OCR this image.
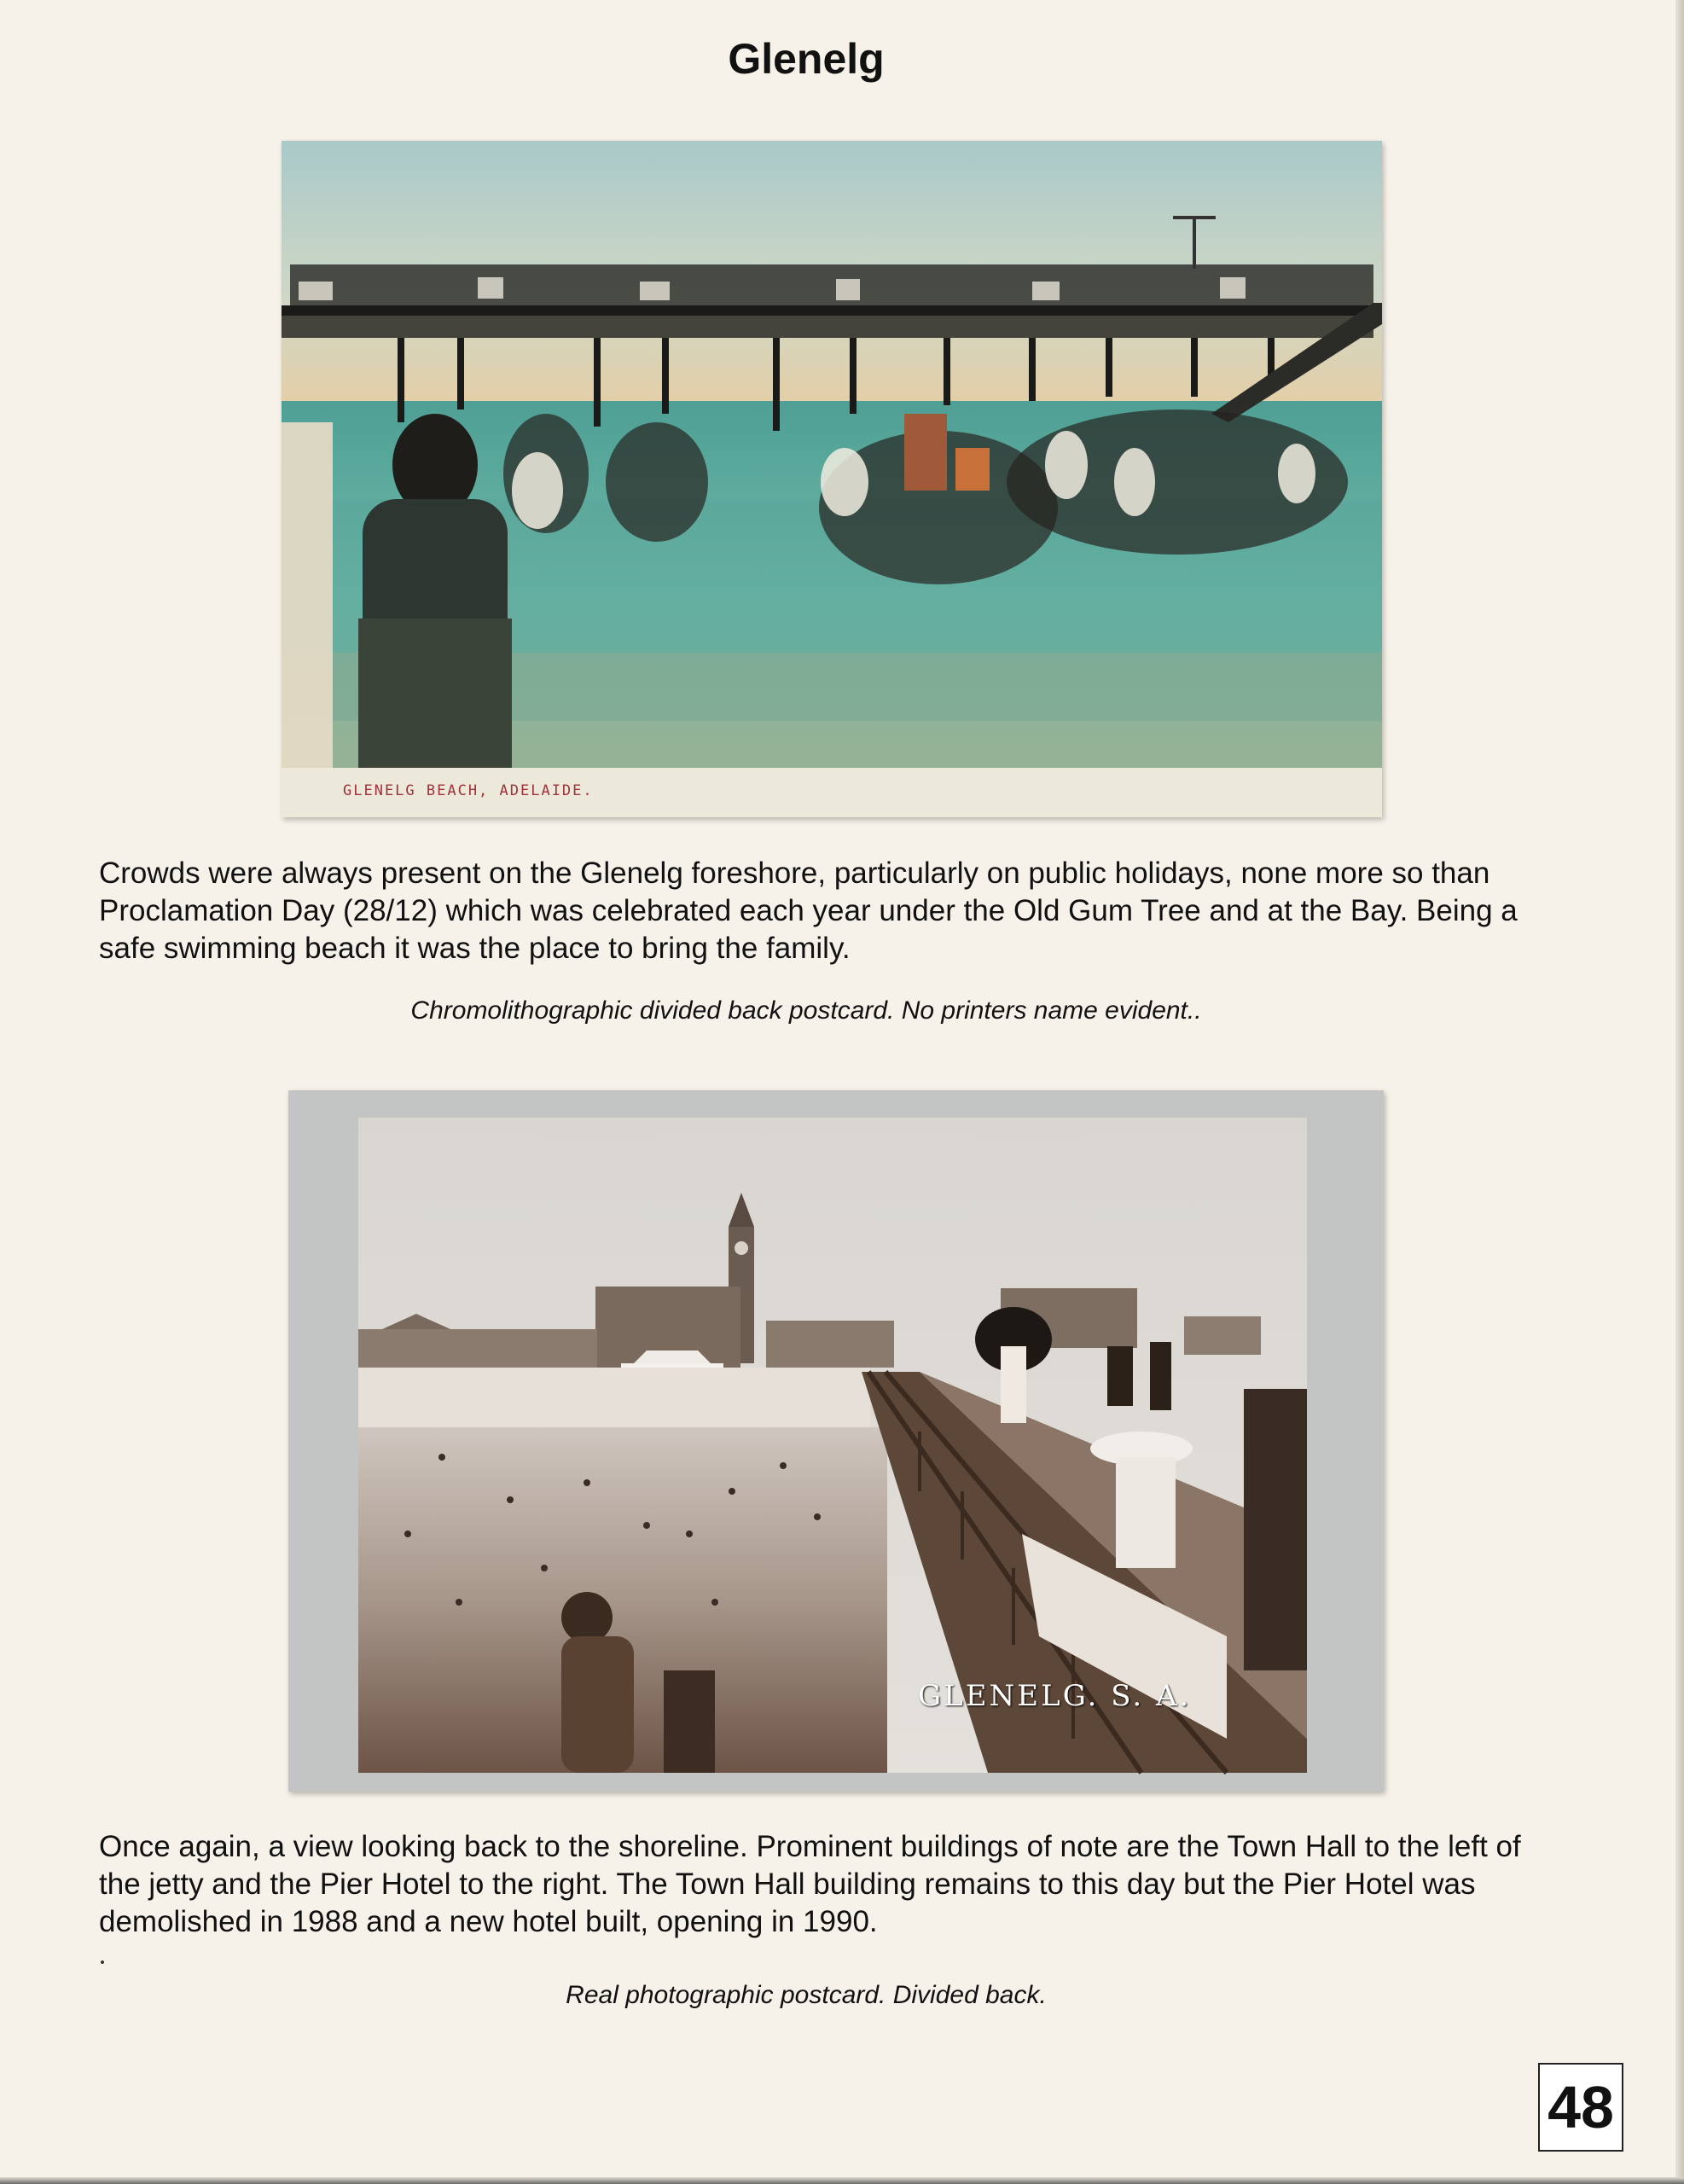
Glenelg
GLENELG BEACH, ADELAIDE.
Crowds were always present on the Glenelg foreshore, particularly on public holidays, none more so than Proclamation Day (28/12) which was celebrated each year under the Old Gum Tree and at the Bay. Being a safe swimming beach it was the place to bring the family.
Chromolithographic divided back postcard. No printers name evident..
GLENELG. S. A.
Once again, a view looking back to the shoreline. Prominent buildings of note are the Town Hall to the left of the jetty and the Pier Hotel to the right. The Town Hall building remains to this day but the Pier Hotel was demolished in 1988 and a new hotel built, opening in 1990.
Real photographic postcard. Divided back.
48
